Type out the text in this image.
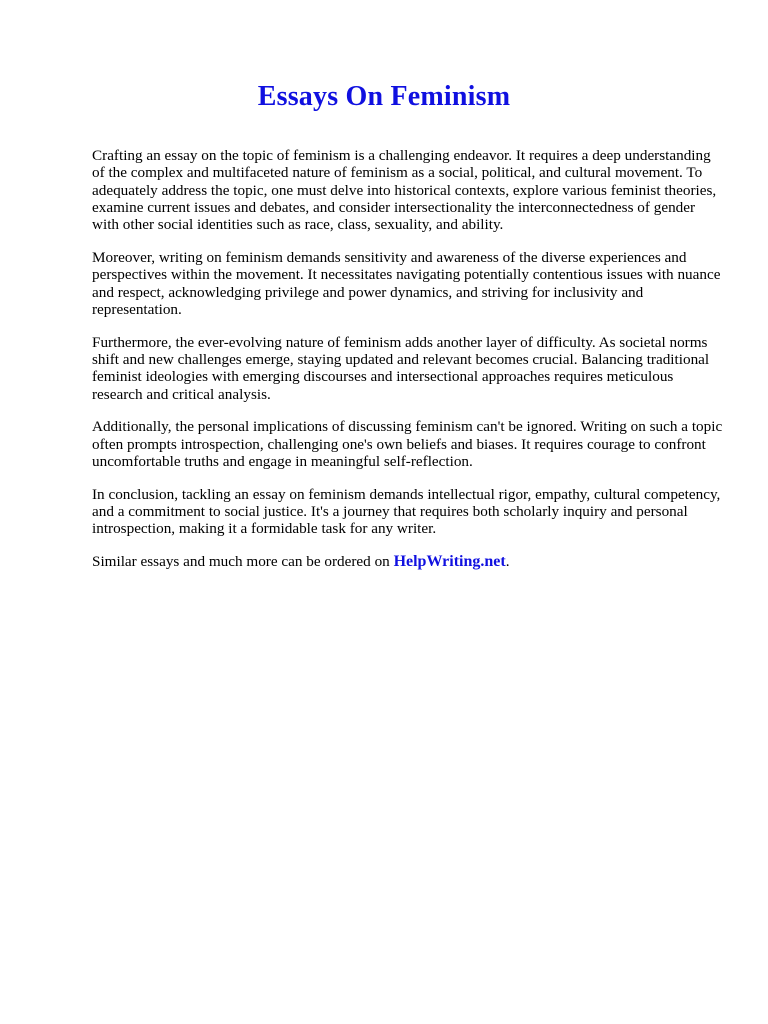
Essays On Feminism

Crafting an essay on the topic of feminism is a challenging endeavor. It requires a deep understanding of the complex and multifaceted nature of feminism as a social, political, and cultural movement. To adequately address the topic, one must delve into historical contexts, explore various feminist theories, examine current issues and debates, and consider intersectionality the interconnectedness of gender with other social identities such as race, class, sexuality, and ability.

Moreover, writing on feminism demands sensitivity and awareness of the diverse experiences and perspectives within the movement. It necessitates navigating potentially contentious issues with nuance and respect, acknowledging privilege and power dynamics, and striving for inclusivity and representation.

Furthermore, the ever-evolving nature of feminism adds another layer of difficulty. As societal norms shift and new challenges emerge, staying updated and relevant becomes crucial. Balancing traditional feminist ideologies with emerging discourses and intersectional approaches requires meticulous research and critical analysis.

Additionally, the personal implications of discussing feminism can't be ignored. Writing on such a topic often prompts introspection, challenging one's own beliefs and biases. It requires courage to confront uncomfortable truths and engage in meaningful self-reflection.

In conclusion, tackling an essay on feminism demands intellectual rigor, empathy, cultural competency, and a commitment to social justice. It's a journey that requires both scholarly inquiry and personal introspection, making it a formidable task for any writer.

Similar essays and much more can be ordered on HelpWriting.net.
